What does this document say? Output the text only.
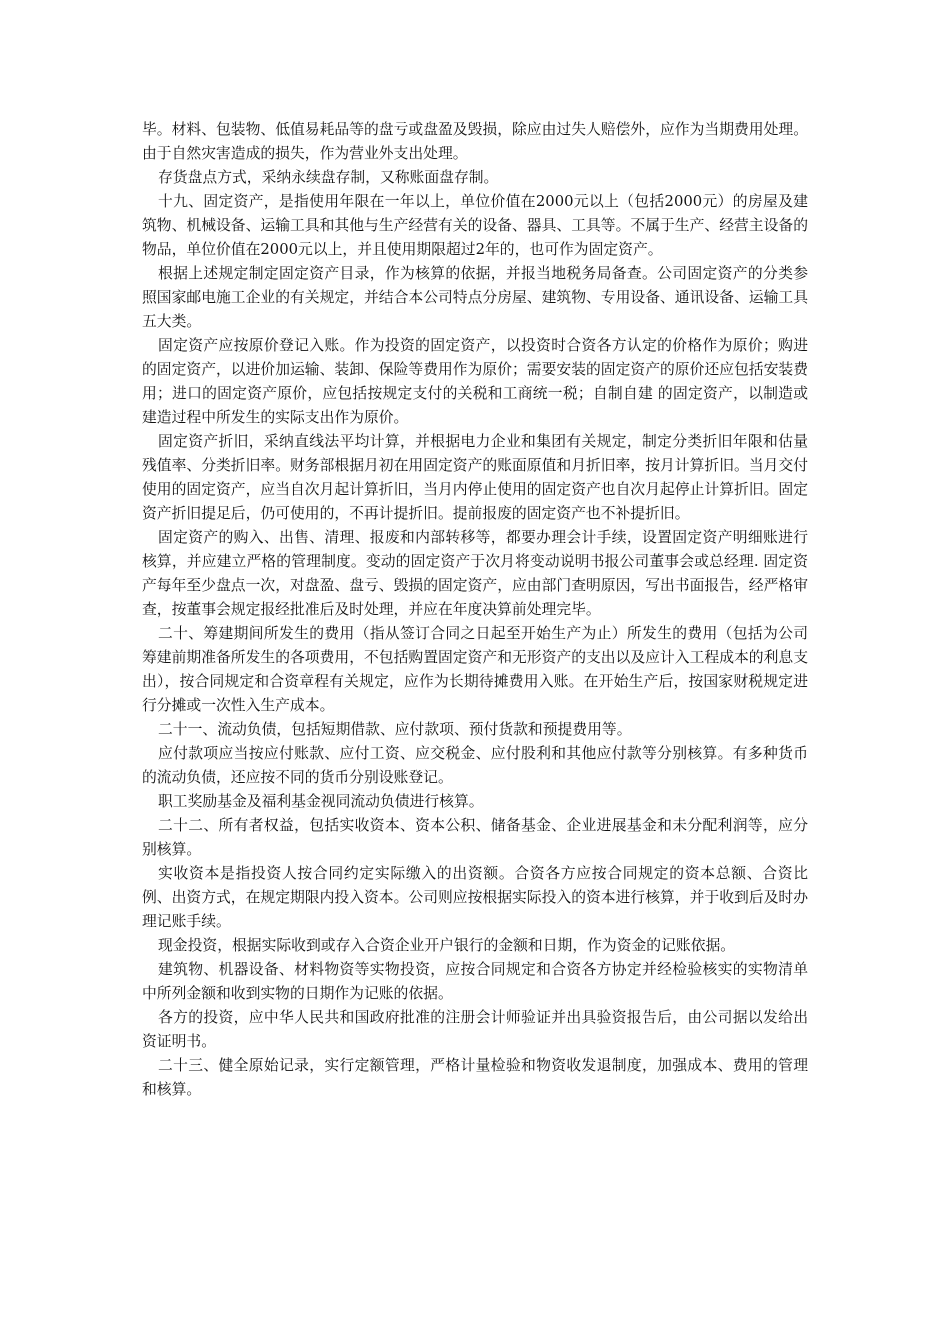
毕。材料、包装物、低值易耗品等的盘亏或盘盈及毁损，除应由过失人赔偿外，应作为当期费用处理。由于自然灾害造成的损失，作为营业外支出处理。

存货盘点方式，采纳永续盘存制，又称账面盘存制。

十九、固定资产，是指使用年限在一年以上，单位价值在2000元以上（包括2000元）的房屋及建筑物、机械设备、运输工具和其他与生产经营有关的设备、器具、工具等。不属于生产、经营主设备的物品，单位价值在2000元以上，并且使用期限超过2年的，也可作为固定资产。

根据上述规定制定固定资产目录，作为核算的依据，并报当地税务局备查。公司固定资产的分类参照国家邮电施工企业的有关规定，并结合本公司特点分房屋、建筑物、专用设备、通讯设备、运输工具五大类。

固定资产应按原价登记入账。作为投资的固定资产，以投资时合资各方认定的价格作为原价；购进的固定资产，以进价加运输、装卸、保险等费用作为原价；需要安装的固定资产的原价还应包括安装费用；进口的固定资产原价，应包括按规定支付的关税和工商统一税；自制自建 的固定资产，以制造或建造过程中所发生的实际支出作为原价。

固定资产折旧，采纳直线法平均计算，并根据电力企业和集团有关规定，制定分类折旧年限和估量残值率、分类折旧率。财务部根据月初在用固定资产的账面原值和月折旧率，按月计算折旧。当月交付使用的固定资产，应当自次月起计算折旧，当月内停止使用的固定资产也自次月起停止计算折旧。固定资产折旧提足后，仍可使用的，不再计提折旧。提前报废的固定资产也不补提折旧。

固定资产的购入、出售、清理、报废和内部转移等，都要办理会计手续，设置固定资产明细账进行核算，并应建立严格的管理制度。变动的固定资产于次月将变动说明书报公司董事会或总经理. 固定资产每年至少盘点一次，对盘盈、盘亏、毁损的固定资产，应由部门查明原因，写出书面报告，经严格审查，按董事会规定报经批准后及时处理，并应在年度决算前处理完毕。

二十、筹建期间所发生的费用（指从签订合同之日起至开始生产为止）所发生的费用（包括为公司筹建前期准备所发生的各项费用，不包括购置固定资产和无形资产的支出以及应计入工程成本的利息支出），按合同规定和合资章程有关规定，应作为长期待摊费用入账。在开始生产后，按国家财税规定进行分摊或一次性入生产成本。

二十一、流动负债，包括短期借款、应付款项、预付货款和预提费用等。

应付款项应当按应付账款、应付工资、应交税金、应付股利和其他应付款等分别核算。有多种货币的流动负债，还应按不同的货币分别设账登记。

职工奖励基金及福利基金视同流动负债进行核算。

二十二、所有者权益，包括实收资本、资本公积、储备基金、企业进展基金和未分配利润等，应分别核算。

实收资本是指投资人按合同约定实际缴入的出资额。合资各方应按合同规定的资本总额、合资比例、出资方式，在规定期限内投入资本。公司则应按根据实际投入的资本进行核算，并于收到后及时办理记账手续。

现金投资，根据实际收到或存入合资企业开户银行的金额和日期，作为资金的记账依据。

建筑物、机器设备、材料物资等实物投资，应按合同规定和合资各方协定并经检验核实的实物清单中所列金额和收到实物的日期作为记账的依据。

各方的投资，应中华人民共和国政府批准的注册会计师验证并出具验资报告后，由公司据以发给出资证明书。

二十三、健全原始记录，实行定额管理，严格计量检验和物资收发退制度，加强成本、费用的管理和核算。
